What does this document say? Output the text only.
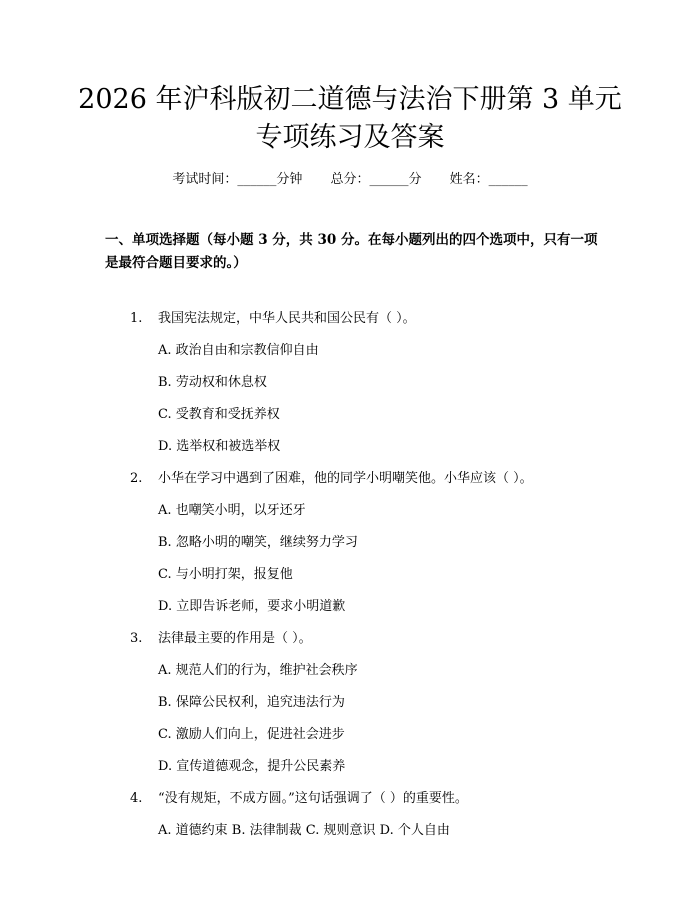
2026 年沪科版初二道德与法治下册第 3 单元
专项练习及答案
考试时间：______分钟 总分：______分 姓名：______

一、单项选择题（每小题 3 分，共 30 分。在每小题列出的四个选项中，只有一项是最符合题目要求的。）

1. 我国宪法规定，中华人民共和国公民有（ ）。
A. 政治自由和宗教信仰自由
B. 劳动权和休息权
C. 受教育和受抚养权
D. 选举权和被选举权
2. 小华在学习中遇到了困难，他的同学小明嘲笑他。小华应该（ ）。
A. 也嘲笑小明，以牙还牙
B. 忽略小明的嘲笑，继续努力学习
C. 与小明打架，报复他
D. 立即告诉老师，要求小明道歉
3. 法律最主要的作用是（ ）。
A. 规范人们的行为，维护社会秩序
B. 保障公民权利，追究违法行为
C. 激励人们向上，促进社会进步
D. 宣传道德观念，提升公民素养
4. “没有规矩，不成方圆。”这句话强调了（ ）的重要性。
A. 道德约束 B. 法律制裁 C. 规则意识 D. 个人自由
